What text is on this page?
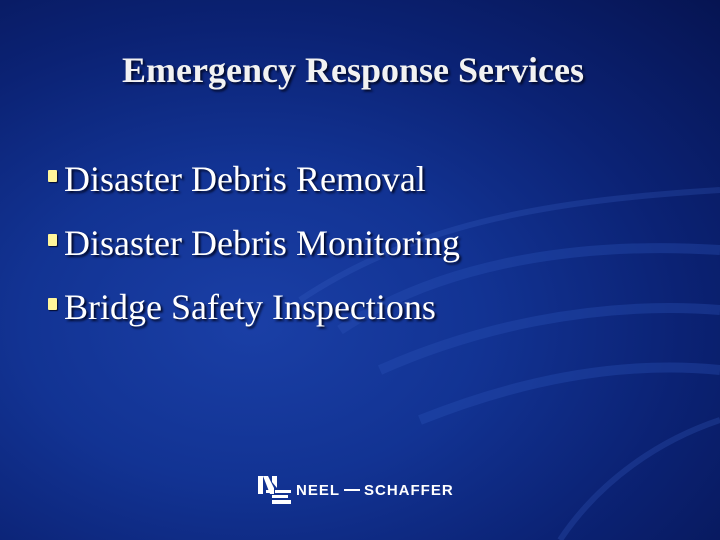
Emergency Response Services
Disaster Debris Removal
Disaster Debris Monitoring
Bridge Safety Inspections
NEEL SCHAFFER
